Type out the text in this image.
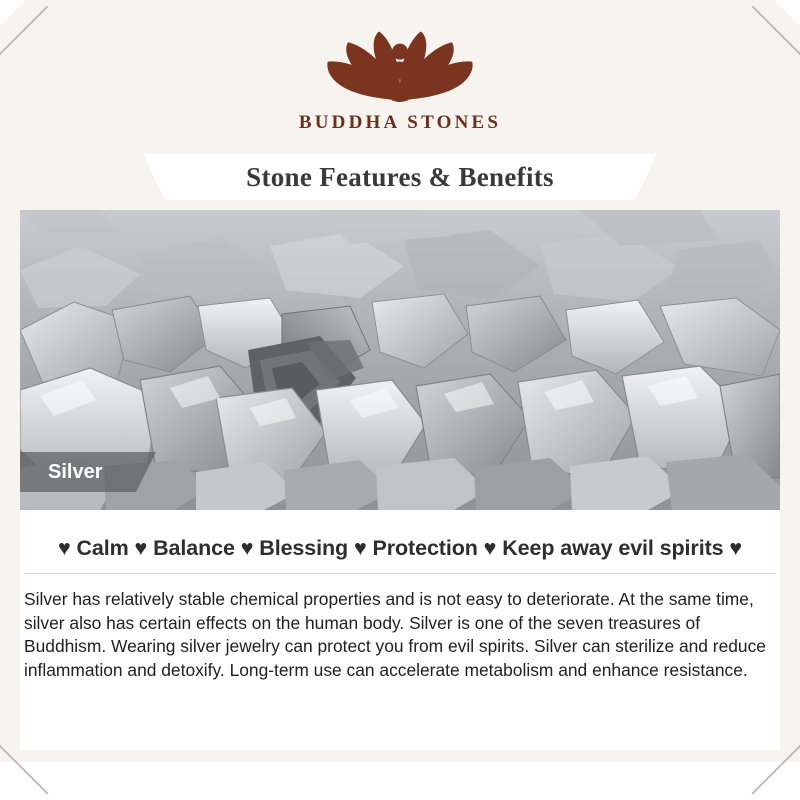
BUDDHA STONES
Stone Features & Benefits
Silver
♥ Calm ♥ Balance ♥ Blessing ♥ Protection ♥ Keep away evil spirits ♥
Silver has relatively stable chemical properties and is not easy to deteriorate. At the same time, silver also has certain effects on the human body. Silver is one of the seven treasures of Buddhism. Wearing silver jewelry can protect you from evil spirits. Silver can sterilize and reduce inflammation and detoxify. Long-term use can accelerate metabolism and enhance resistance.
